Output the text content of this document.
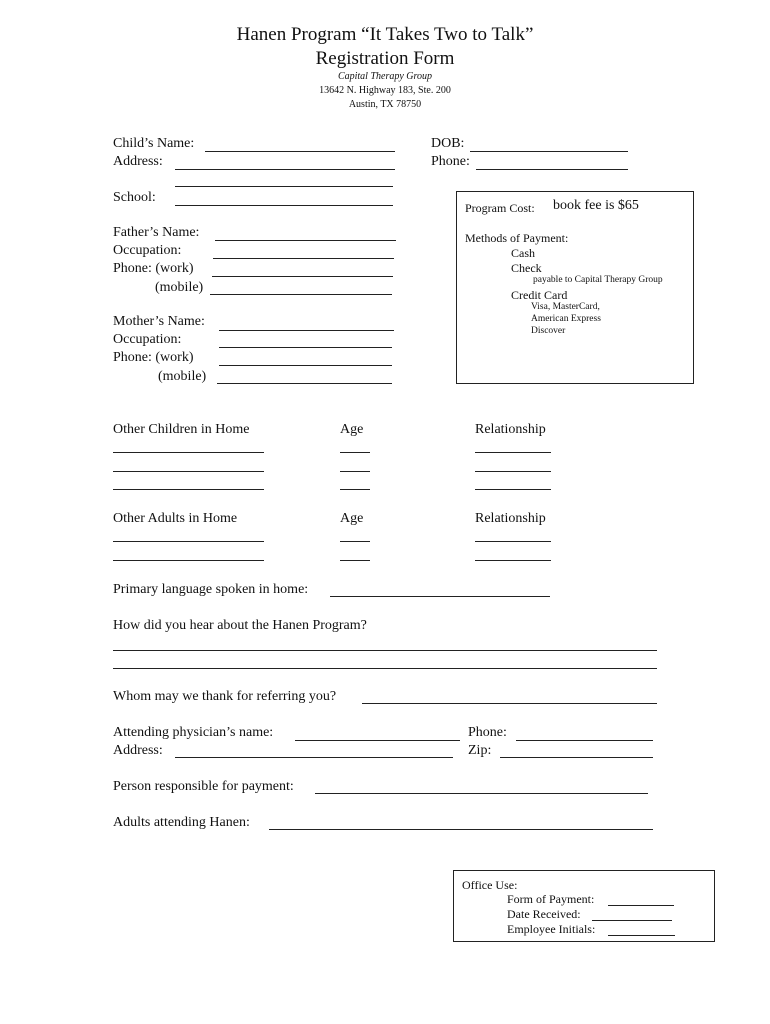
Hanen Program “It Takes Two to Talk”
Registration Form
Capital Therapy Group
13642 N. Highway 183, Ste. 200
Austin, TX 78750
Child’s Name:
Address:
School:
DOB:
Phone:
Father’s Name:
Occupation:
Phone: (work)
(mobile)
Mother’s Name:
Occupation:
Phone: (work)
(mobile)
Program Cost: book fee is $65
Methods of Payment:
Cash
Check
payable to Capital Therapy Group
Credit Card
Visa, MasterCard,
American Express
Discover
Other Children in Home	Age	Relationship
Other Adults in Home	Age	Relationship
Primary language spoken in home:
How did you hear about the Hanen Program?
Whom may we thank for referring you?
Attending physician’s name:	Phone:
Address:	Zip:
Person responsible for payment:
Adults attending Hanen:
Office Use:
Form of Payment:
Date Received:
Employee Initials:
